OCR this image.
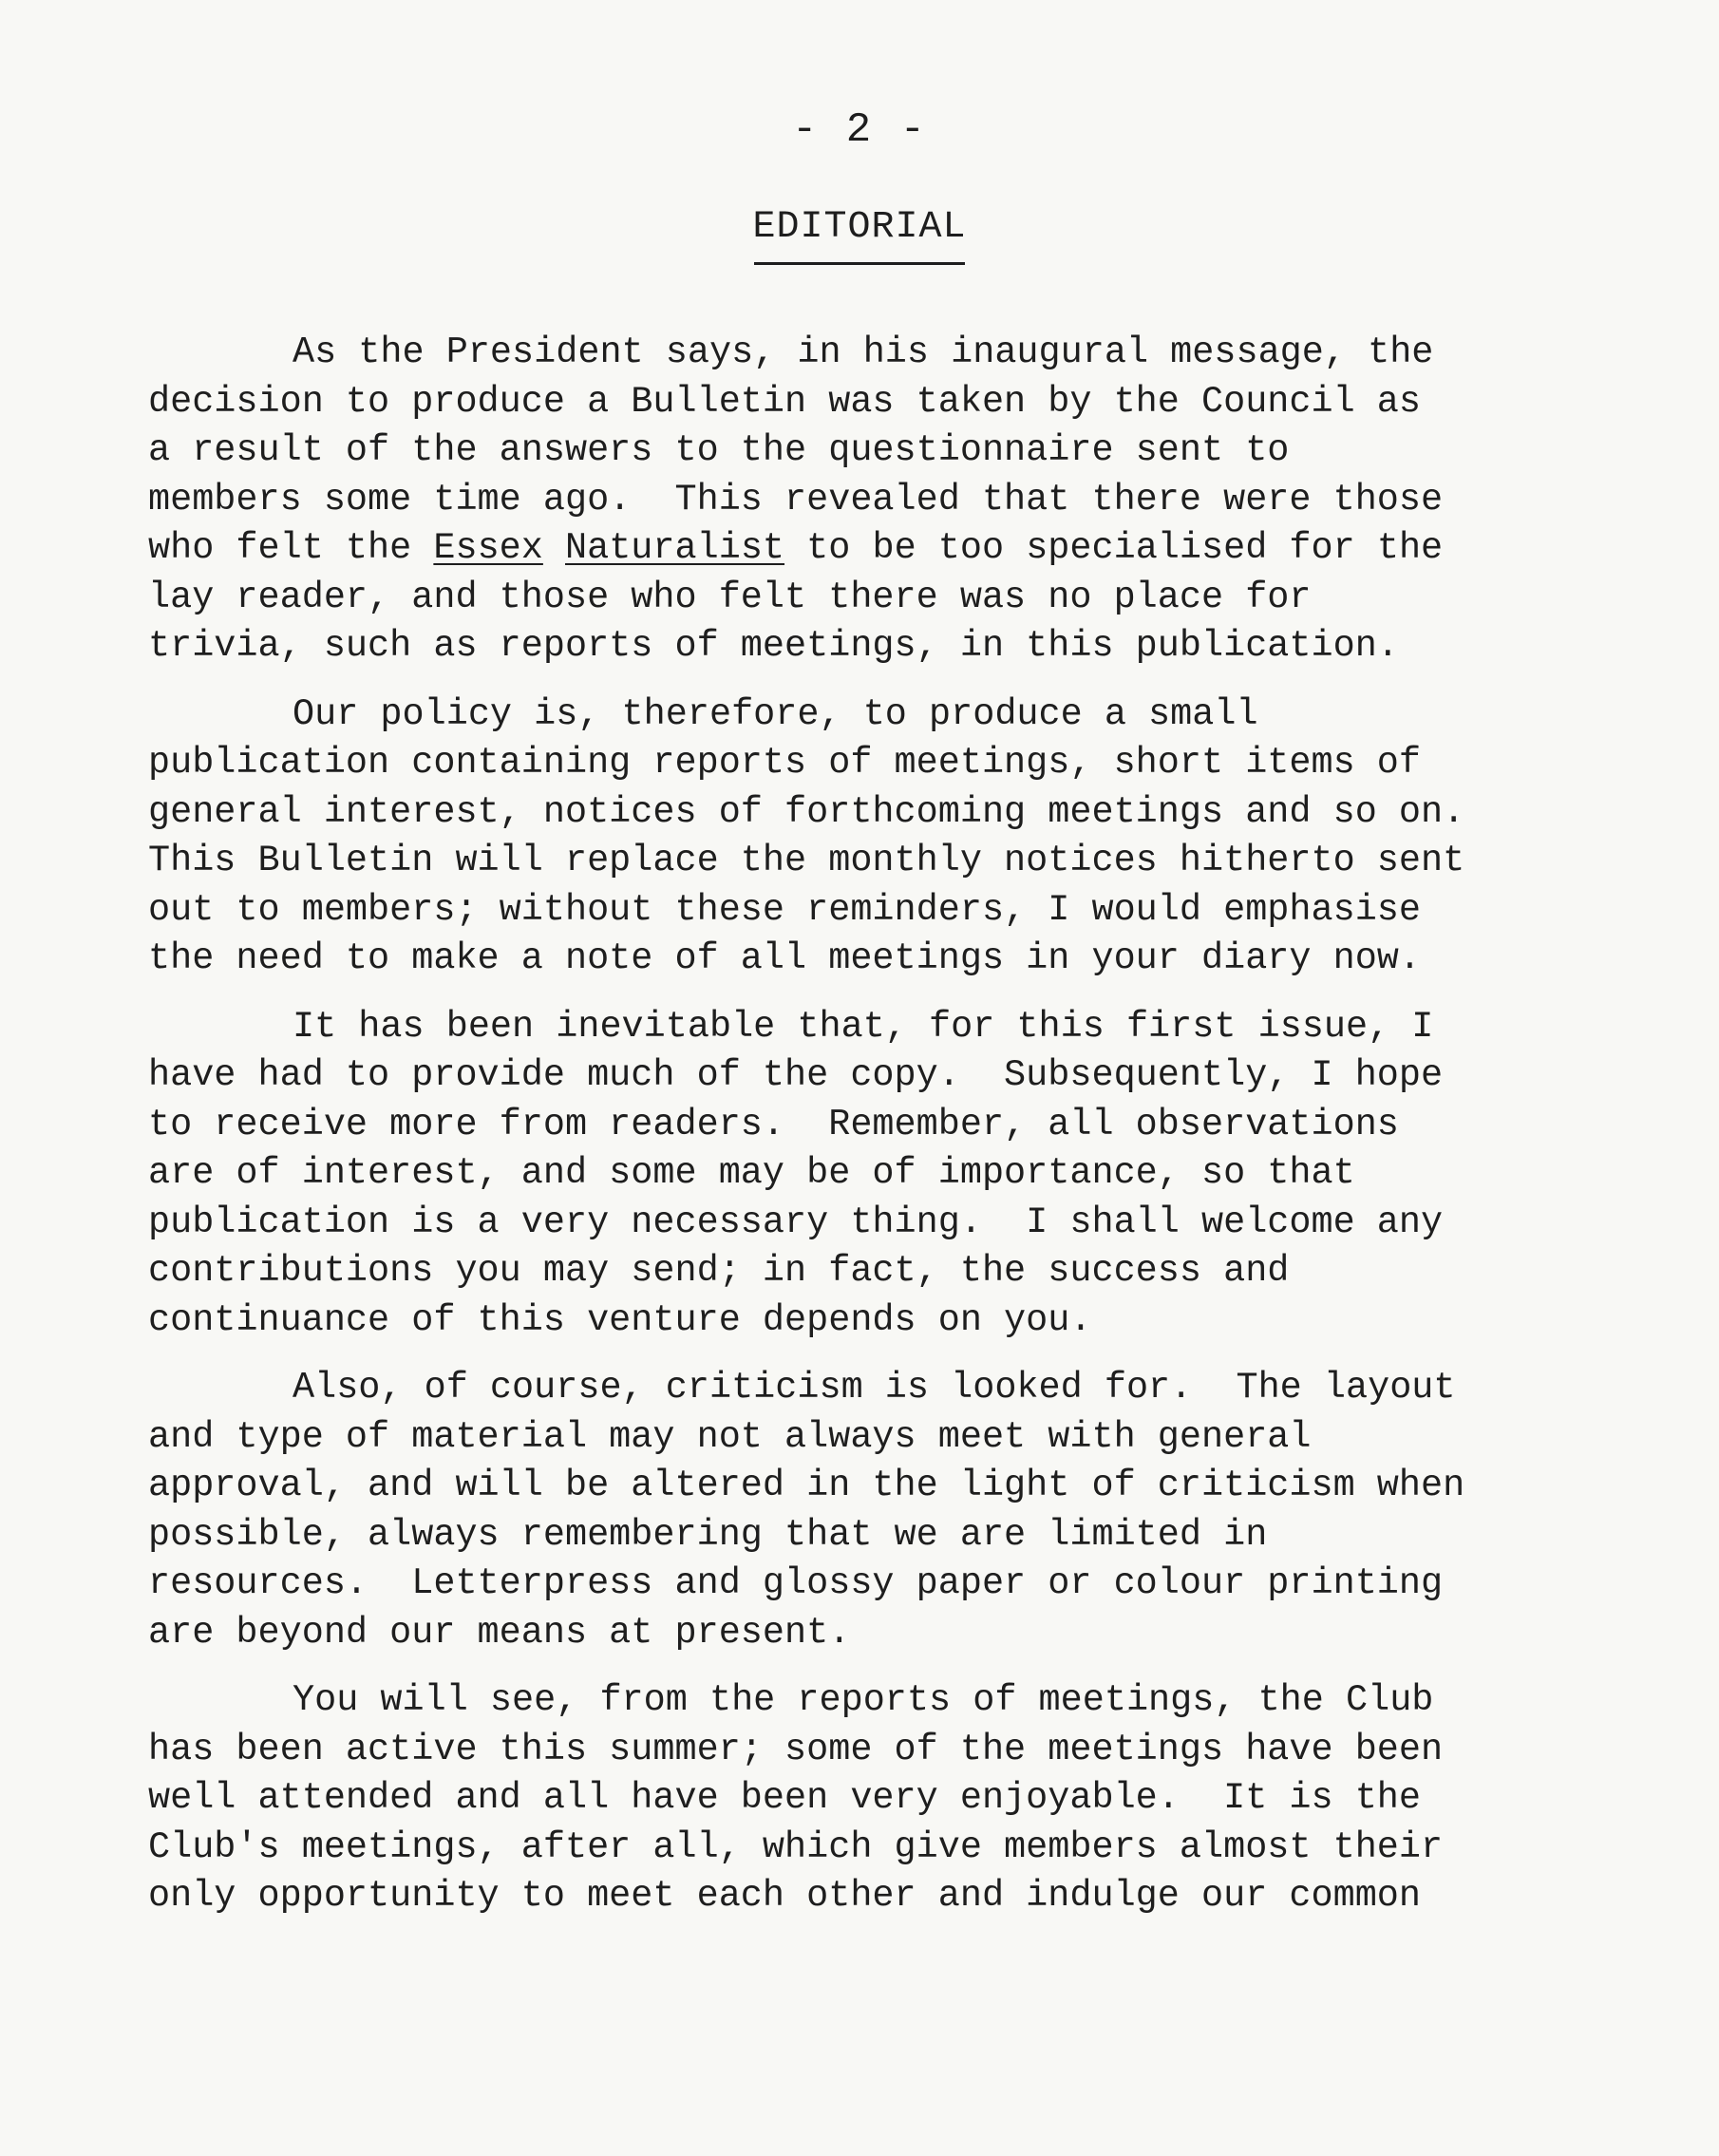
- 2 -
EDITORIAL
As the President says, in his inaugural message, the
decision to produce a Bulletin was taken by the Council as
a result of the answers to the questionnaire sent to
members some time ago.  This revealed that there were those
who felt the Essex Naturalist to be too specialised for the
lay reader, and those who felt there was no place for
trivia, such as reports of meetings, in this publication.
Our policy is, therefore, to produce a small
publication containing reports of meetings, short items of
general interest, notices of forthcoming meetings and so on.
This Bulletin will replace the monthly notices hitherto sent
out to members; without these reminders, I would emphasise
the need to make a note of all meetings in your diary now.
It has been inevitable that, for this first issue, I
have had to provide much of the copy.  Subsequently, I hope
to receive more from readers.  Remember, all observations
are of interest, and some may be of importance, so that
publication is a very necessary thing.  I shall welcome any
contributions you may send; in fact, the success and
continuance of this venture depends on you.
Also, of course, criticism is looked for.  The layout
and type of material may not always meet with general
approval, and will be altered in the light of criticism when
possible, always remembering that we are limited in
resources.  Letterpress and glossy paper or colour printing
are beyond our means at present.
You will see, from the reports of meetings, the Club
has been active this summer; some of the meetings have been
well attended and all have been very enjoyable.  It is the
Club's meetings, after all, which give members almost their
only opportunity to meet each other and indulge our common
